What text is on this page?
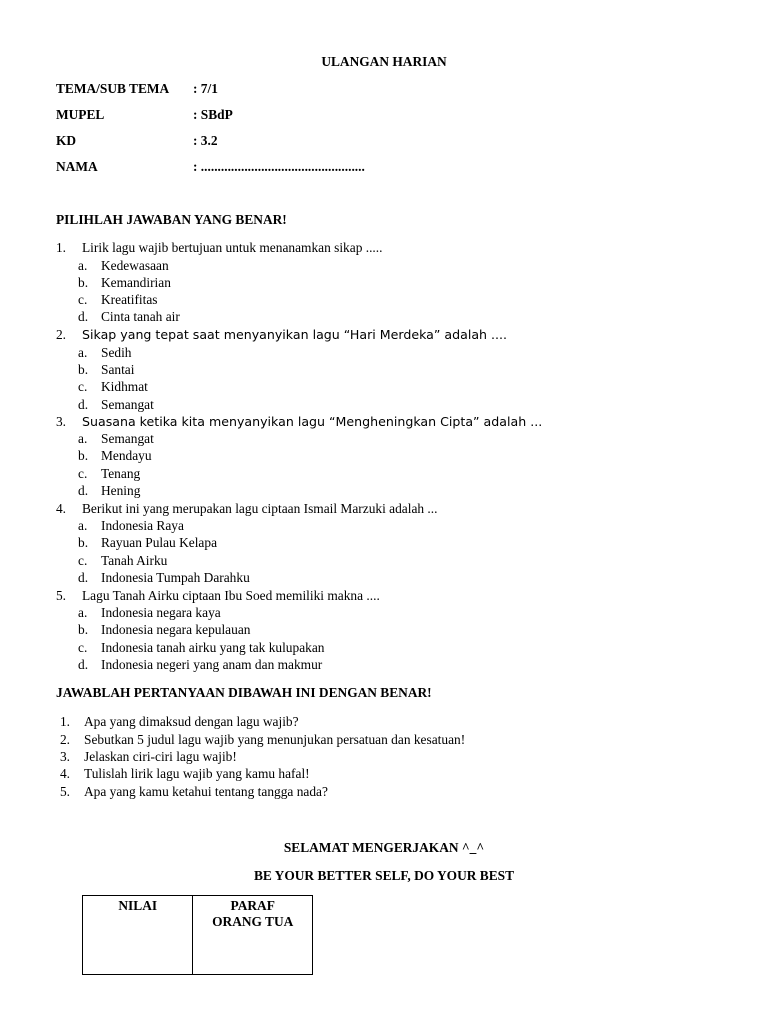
ULANGAN HARIAN
TEMA/SUB TEMA : 7/1
MUPEL	: SBdP
KD	: 3.2
NAMA	: .................................................
PILIHLAH JAWABAN YANG BENAR!
1. Lirik lagu wajib bertujuan untuk menanamkan sikap .....
a. Kedewasaan
b. Kemandirian
c. Kreatifitas
d. Cinta tanah air
2. Sikap yang tepat saat menyanyikan lagu “Hari Merdeka” adalah ....
a. Sedih
b. Santai
c. Kidhmat
d. Semangat
3. Suasana ketika kita menyanyikan lagu “Mengheningkan Cipta” adalah ...
a. Semangat
b. Mendayu
c. Tenang
d. Hening
4. Berikut ini yang merupakan lagu ciptaan Ismail Marzuki adalah ...
a. Indonesia Raya
b. Rayuan Pulau Kelapa
c. Tanah Airku
d. Indonesia Tumpah Darahku
5. Lagu Tanah Airku ciptaan Ibu Soed memiliki makna ....
a. Indonesia negara kaya
b. Indonesia negara kepulauan
c. Indonesia tanah airku yang tak kulupakan
d. Indonesia negeri yang anam dan makmur
JAWABLAH PERTANYAAN DIBAWAH INI DENGAN BENAR!
1. Apa yang dimaksud dengan lagu wajib?
2. Sebutkan 5 judul lagu wajib yang menunjukan persatuan dan kesatuan!
3. Jelaskan ciri-ciri lagu wajib!
4. Tulislah lirik lagu wajib yang kamu hafal!
5. Apa yang kamu ketahui tentang tangga nada?
SELAMAT MENGERJAKAN ^_^
BE YOUR BETTER SELF, DO YOUR BEST
NILAI	PARAF
ORANG TUA
